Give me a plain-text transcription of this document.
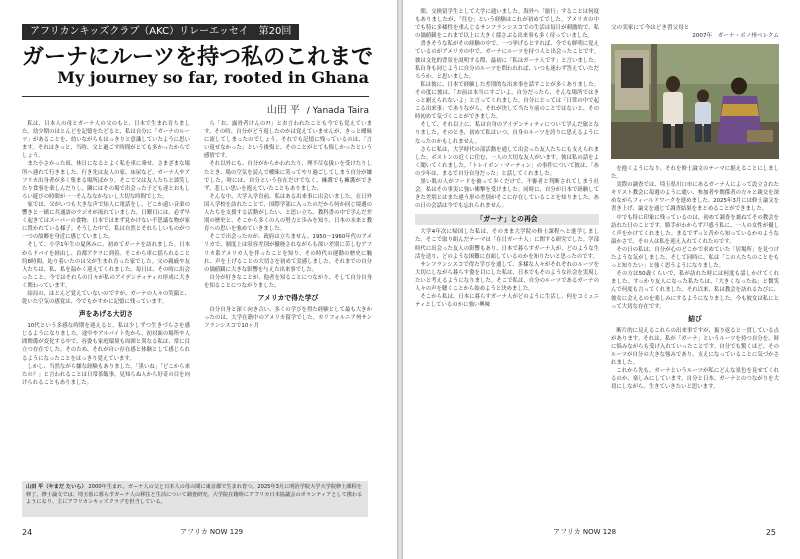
アフリカンキッズクラブ（AKC）リレーエッセイ　第20回
ガーナにルーツを持つ私のこれまで
My journey so far, rooted in Ghana
山田 平 / Yanada Taira

私は、日本人の母とガーナ人の父のもと、日本で生まれ育ちました。幼少期のほとんどを記憶をたどると、私は自分に「ガーナのルーツ」があることを、幼いながらもはっきりと意識していたように思います。それはきっと、当時、父と過ごす時間がとても多かったからでしょう。

また小さかった頃、休日になるとよく私を車に乗せ、さまざまな場所へ連れて行きました。行き先は友人の家、床屋など、ガーナ人やアフリカ出身者が多く集まる場所ばかり。そこで父は友人たちと談笑したり食事を楽しんだりし、隣にはその場で出会った子ども達とおもしろい遊びの時間が一一そんななかないし大切な時間でした。

家では、父がいつも大きな声で知人に電話をし、どこか遠い音楽の響きと一緒に共通語のラジオが流れていました。日曜日には、必ず早く起きてはスーパーの食物、日本ではまず見かけない不思議な物が家に置かれている様子。そうした中で、私は自然とそれらしいものがつ一つの故郷を身近に感じていました。

そして、小学1年生の夏休みに、初めてガーナを訪れました。日本からドバイを経由し、首都アクラに到着。そこから車に揺られること約8時間、辿り着いたのは父が生まれ育った家でした。父の親戚や友人たちは、私、私を温かく迎えてくれました。毎日は、その時に出会ったこと、今ではそれらの日々が私のアイデンティティの形成に大きく関わっています。

結局の、ほとんど覚えていないのですが、ガーナの人々の笑顔と、乾いた空気の感覚は、今でもかすかに記憶に残っています。

声をあげる大切さ

10代という多感な時期を迎えると、私は少しずつ生きづらさを感じるようになりました。途中やアルバイト先から、初対面の場所や人間関係が変化する中で、容姿も家庭環境も周囲と異なる私は、常に目立つ存在でした。そのため、それが自い存在感と体験として感じられるようになったことをはっきり覚えています。

しかし、当然ながら嫌な経験もありました。「黒いね」「どこから来たの？」と言われることは日常茶飯事。見知らぬ人から好奇の目を向けられることもありました。

ら「お、露骨者けんの?!」とお言われたことも今でも覚えています。その時、自分がどう返したのかは覚えていませんが、きっと曖昧に流してしまったのでしょう。それでも記憶に残っているのは、「言い返せなかった」という後悔と、そのことがとても悔しかったという感情です。

それ以外にも、自分がからかわれたり、理不尽な扱いを受けたりしたとき、場の空気を読んで曖昧に笑ってやり過ごしてしまう自分が嫌でした。時には、自分という存在だけでなく、擁護でも擁護ができず、悲しい思いを抱えていたこともありました。

そんな中、大学入学直前、私はある出来事に出会いました。在日外国人学校を訪れたことで、国際学部に入ったのだから何か同じ境遇の人たちを支援する活動がしたい、と思い立ち、教科書の中で学んだ差別の歴史と、そこから多くの人の努力と歩みを知り、日本の未来と教育への思いを強めていきました。

そこで出会ったのが、政府は立ちません、1950〜1960年代のアメリカで、制度上は収容差別が撤廃されながらも深い差別に苦しむアフリカ系アメリカ人を伴ったことを知り、その時代の運動の歴史に触れ、声を上げることの大切さを初めて実感しました。それまでの自分の価値観に大きな影響を与えた出来事でした。

自分が好きなことが、他者を知ることにつながり、そして自分自身を知ることにつながりました。

アメリカで得た学び

自分自身と深く向き合い、多くの学びを得た経験として最も大きかったのは、大学在籍中のアメリカ留学でした。カリフォルニア州サンフランシスコで10ヶ月

山田 平（やまだ たいら） 2000年生まれ。ガーナ人の父と日本人の母の間に東京都で生まれ育つ。2025年3月に明治学院大学大学院修士課程を修了。修士論文では、埼玉県に暮らすガーナ人の移住と生活について調査研究。大学院在籍時にアフリカ日本協議会のボランティアとして携わるようになり、主にアフリカンキッズクラブを担当している。
24	アフリカ NOW 129

間、交換留学生として大学に通いました。海外へ「旅行」することは何度もありましたが、「住む」という経験はこれが初めてでした。アメリカの中でも特に多様性を重んじるサンフランシスコでの生活は毎日が刺激的で、私の価値観をこれまで以上に大きく揺さぶる出来事も多く待っていました。

書きそうな私がその経験の中で、一つ挙げるとすれば、今でも鮮明に覚えているのがアメリカの中で、ガーナにルーツを持つ人と出会ったことです。彼は文化的背景を説明する際、最初に「私はガーナ人です」と言いました。私自身も同じように自分のルーツを問われれば、いつも迷わず答えていただろうか、と思いました。

私は彼に、日本で経験した差別的な出来事を話すことが多くありました。その度に彼は、「お前は本当にすごいよ。自分だったら、そんな場所ではきっと耐えられないよ」と言ってくれました。自分にとっては「日常の中で起こる出来事」でありながら、それが決して当たり前のことではないと、その時初めて気づくことができました。

そして、それ以上に、私は自身のアイデンティティについて学んだ旅となりました。そのとき、初めて私はいつ、自身のルーツを誇りに思えるようになったのかもしれません。

さらに私は、大学時代の部活動を通して出会った友人たちにも支えられました。ボストンの近くに住む、一人の大切な友人がいます。彼は私の話をよく聞いてくれました。「トレイボン・マーティン」の事件について彼は、「あの少年は、まるで自分自身だった」と話してくれました。

黒い肌の人がフードを被って歩くだけで、不審者と判断されてしまう社会。私はその事実に強い衝撃を受けました。同時に、自分が日本で経験してきた差別とはまた違う形の差別がそこに存在していることを知りました。あの日の会話は今でも忘れられません。

「ガーナ」との再会

大学4年次に帰国した私は、そのまま大学院の修士課程へと進学しました。そこで取り組んだテーマは「在日ガーナ人」に関する研究でした。学部時代に出会った友人の影響もあり、日本で暮らすガーナ人が、どのような生活を送り、どのような困難に直面しているのかを知りたいと思ったのです。

サンフランシスコで得た学びを通して、多様な人々がそれぞれのルーツを大切にしながら暮らす姿を目にした私は、日本でもそのような社会を実現したいと考えるようになりました。そこで私は、自分のルーツであるガーナの人々の声を聴くことから始めようと決めました。

そこから私は、日本に暮らすガーナ人がどのように生活し、何をコミュニティとしているのかに強い興味

父の実家にて今はどき習父母と
2007年　ガーナ・ボノ州ベレクム

を抱くようになり、それを修士論文のテーマに据えることにしました。

実際の調査では、埼玉県川口市にあるガーナ人によって設立されたキリスト教会に毎週のように通い、参加者や関係者の方々と親交を深めながらフィールドワークを進めました。2025年3月には修士論文を書き上げ、論文を通じて調査結果をまとめることができました。

中でも特に印象に残っているのは、初めて調査を兼ねてその教会を訪れた日のことです。勝手がわからず戸惑う私に、一人の女性が優しく声をかけてくれました。まるでずっと昔から知っているかのような温かさで、その人は私を迎え入れてくれたのです。

その日の私は、自分が心のどこかで求めていた「居場所」を見つけたような気がしました。そして同時に、私は「この人たちのことをもっと知りたい」と強く思うようになりました。

その方は50歳くらいで、私が訪れた時には何度も話しかけてくれました。すっかり友人になった私たちは、「大きくなったね」と微笑んで何度も言ってくれました。それ以来、私は教会を訪れるたびに、彼女に会えるのを楽しみにするようになりました。今も彼女は私にとって大切な存在です。

結び

断片的に見えるこれらの出来事ですが、振り返ると一貫している点があります。それは、私が「ガーナ」というルーツを持つ自分を、時に悩みながらも受け入れていったことです。自分でも驚くほど、そのルーツが自分の大きな強みであり、支えになっていることに気づかされました。

これから先も、ガーナというルーツが私にどんな景色を見せてくれるのか、楽しみにしています。自分と日本、ガーナとのつながりを大切にしながら、生きていきたいと思います。

アフリカ NOW 128	25
